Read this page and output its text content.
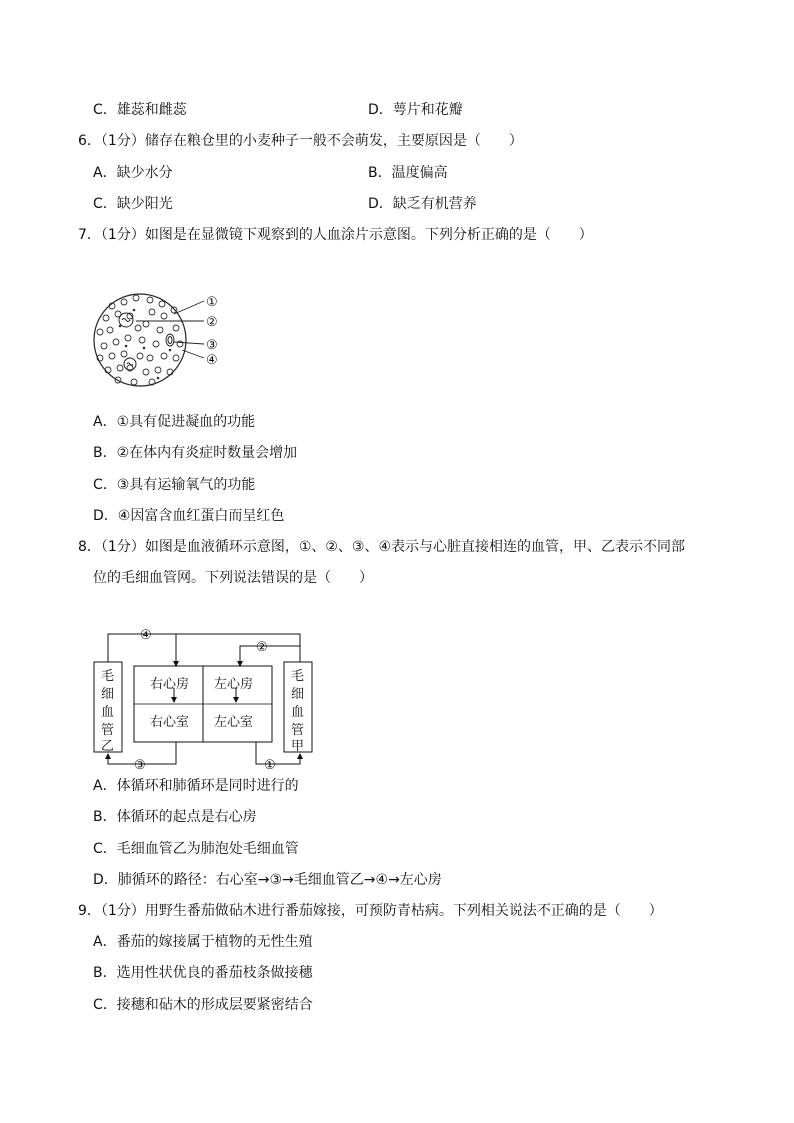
C．雄蕊和雌蕊	D．萼片和花瓣
6．（1分）储存在粮仓里的小麦种子一般不会萌发，主要原因是（　　）
A．缺少水分	B．温度偏高
C．缺少阳光	D．缺乏有机营养
7．（1分）如图是在显微镜下观察到的人血涂片示意图。下列分析正确的是（　　）
①
②
③
④
A．①具有促进凝血的功能
B．②在体内有炎症时数量会增加
C．③具有运输氧气的功能
D．④因富含血红蛋白而呈红色
8．（1分）如图是血液循环示意图，①、②、③、④表示与心脏直接相连的血管，甲、乙表示不同部
位的毛细血管网。下列说法错误的是（　　）
④
②
③	①
右心房 左心房
右心室 左心室
毛
细
血
管
乙
毛
细
血
管
甲
A．体循环和肺循环是同时进行的
B．体循环的起点是右心房
C．毛细血管乙为肺泡处毛细血管
D．肺循环的路径：右心室→③→毛细血管乙→④→左心房
9．（1分）用野生番茄做砧木进行番茄嫁接，可预防青枯病。下列相关说法不正确的是（　　）
A．番茄的嫁接属于植物的无性生殖
B．选用性状优良的番茄枝条做接穗
C．接穗和砧木的形成层要紧密结合
